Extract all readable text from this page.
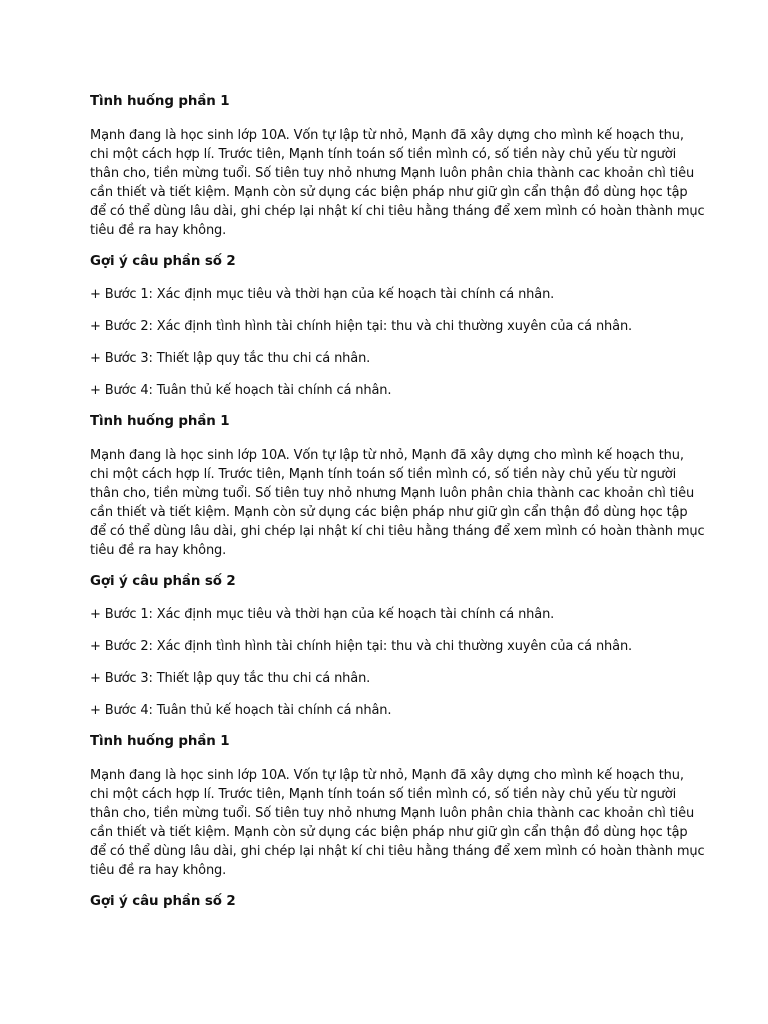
Tình huống phần 1

Mạnh đang là học sinh lớp 10A. Vốn tự lập từ nhỏ, Mạnh đã xây dựng cho mình kế hoạch thu,
chi một cách hợp lí. Trước tiên, Mạnh tính toán số tiền mình có, số tiền này chủ yếu từ người
thân cho, tiền mừng tuổi. Số tiên tuy nhỏ nhưng Mạnh luôn phân chia thành cac khoản chì tiêu
cần thiết và tiết kiệm. Mạnh còn sử dụng các biện pháp như giữ gìn cẩn thận đồ dùng học tập
để có thể dùng lâu dài, ghi chép lại nhật kí chi tiêu hằng tháng để xem mình có hoàn thành mục
tiêu đề ra hay không.

Gợi ý câu phần số 2

+ Bước 1: Xác định mục tiêu và thời hạn của kế hoạch tài chính cá nhân.

+ Bước 2: Xác định tình hình tài chính hiện tại: thu và chi thường xuyên của cá nhân.

+ Bước 3: Thiết lập quy tắc thu chi cá nhân.

+ Bước 4: Tuân thủ kế hoạch tài chính cá nhân.

Tình huống phần 1

Mạnh đang là học sinh lớp 10A. Vốn tự lập từ nhỏ, Mạnh đã xây dựng cho mình kế hoạch thu,
chi một cách hợp lí. Trước tiên, Mạnh tính toán số tiền mình có, số tiền này chủ yếu từ người
thân cho, tiền mừng tuổi. Số tiên tuy nhỏ nhưng Mạnh luôn phân chia thành cac khoản chì tiêu
cần thiết và tiết kiệm. Mạnh còn sử dụng các biện pháp như giữ gìn cẩn thận đồ dùng học tập
để có thể dùng lâu dài, ghi chép lại nhật kí chi tiêu hằng tháng để xem mình có hoàn thành mục
tiêu đề ra hay không.

Gợi ý câu phần số 2

+ Bước 1: Xác định mục tiêu và thời hạn của kế hoạch tài chính cá nhân.

+ Bước 2: Xác định tình hình tài chính hiện tại: thu và chi thường xuyên của cá nhân.

+ Bước 3: Thiết lập quy tắc thu chi cá nhân.

+ Bước 4: Tuân thủ kế hoạch tài chính cá nhân.

Tình huống phần 1

Mạnh đang là học sinh lớp 10A. Vốn tự lập từ nhỏ, Mạnh đã xây dựng cho mình kế hoạch thu,
chi một cách hợp lí. Trước tiên, Mạnh tính toán số tiền mình có, số tiền này chủ yếu từ người
thân cho, tiền mừng tuổi. Số tiên tuy nhỏ nhưng Mạnh luôn phân chia thành cac khoản chì tiêu
cần thiết và tiết kiệm. Mạnh còn sử dụng các biện pháp như giữ gìn cẩn thận đồ dùng học tập
để có thể dùng lâu dài, ghi chép lại nhật kí chi tiêu hằng tháng để xem mình có hoàn thành mục
tiêu đề ra hay không.

Gợi ý câu phần số 2
